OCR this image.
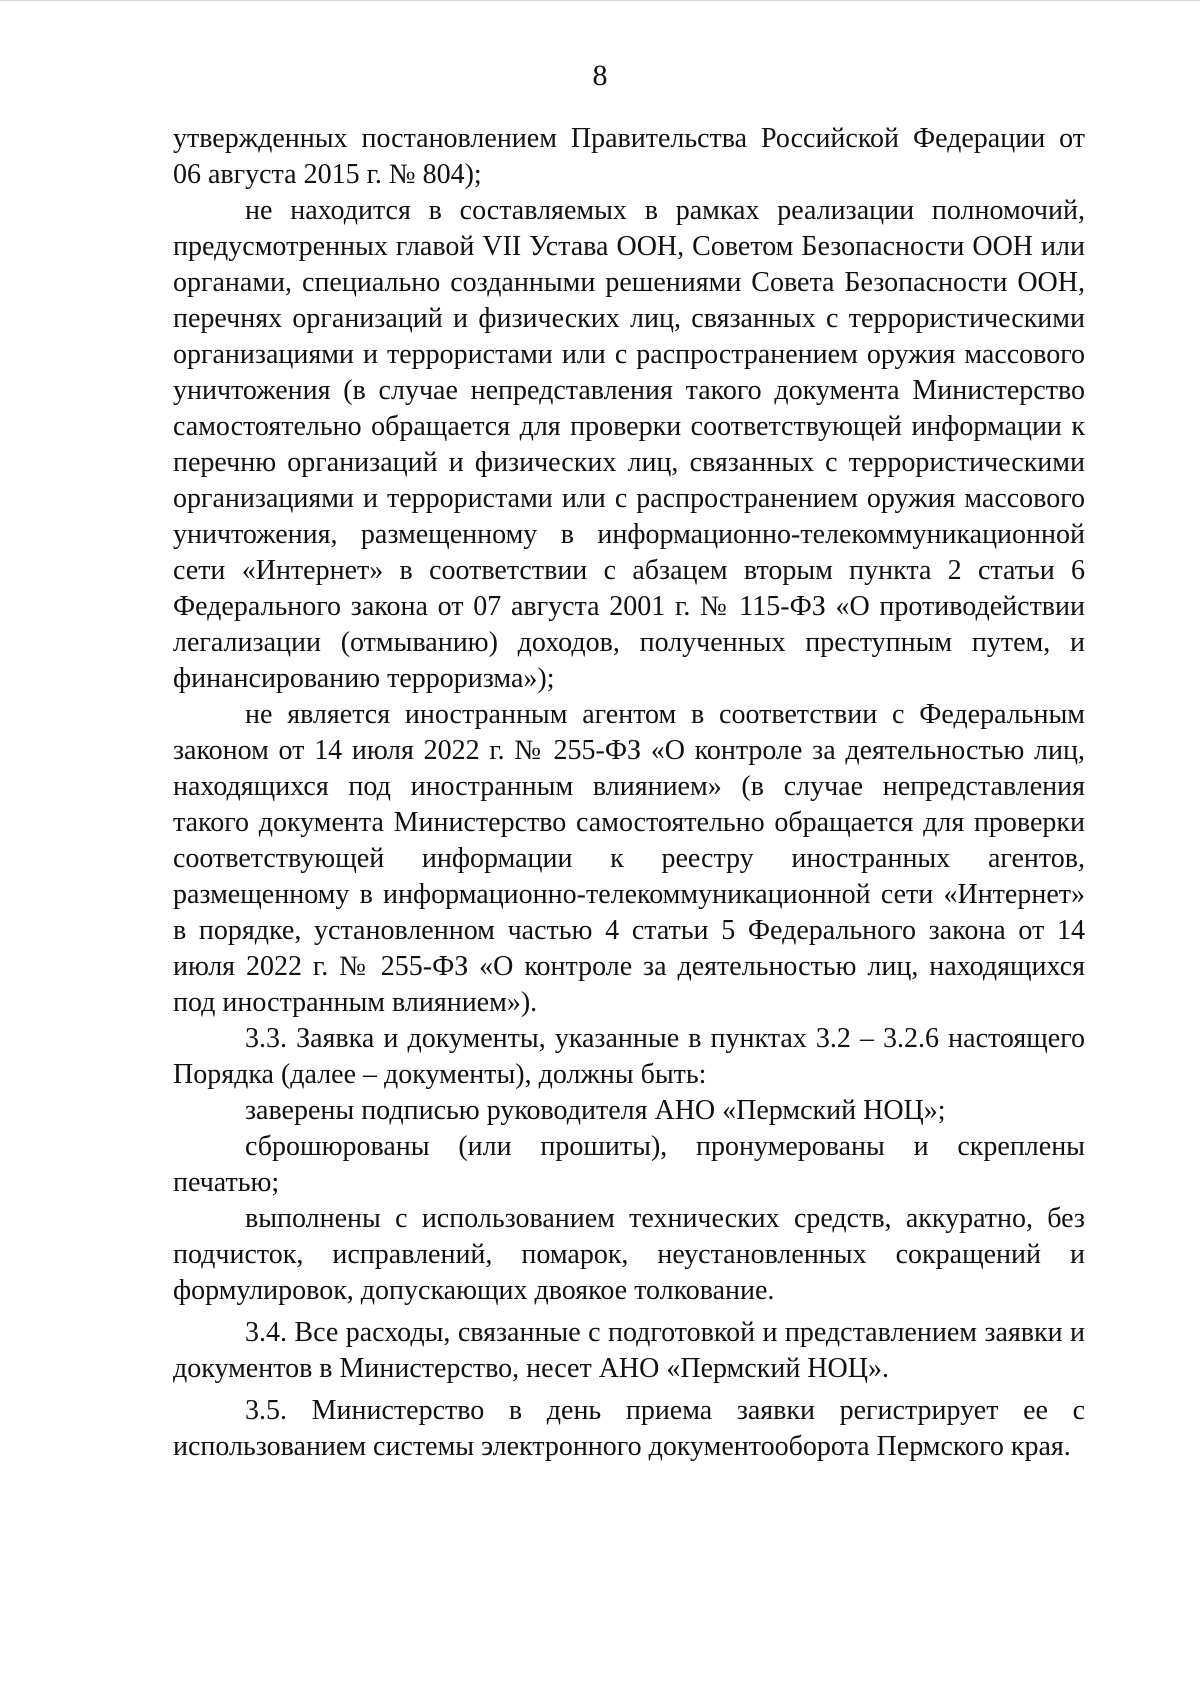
8

утвержденных постановлением Правительства Российской Федерации от 06 августа 2015 г. № 804);

не находится в составляемых в рамках реализации полномочий, предусмотренных главой VII Устава ООН, Советом Безопасности ООН или органами, специально созданными решениями Совета Безопасности ООН, перечнях организаций и физических лиц, связанных с террористическими организациями и террористами или с распространением оружия массового уничтожения (в случае непредставления такого документа Министерство самостоятельно обращается для проверки соответствующей информации к перечню организаций и физических лиц, связанных с террористическими организациями и террористами или с распространением оружия массового уничтожения, размещенному в информационно-телекоммуникационной сети «Интернет» в соответствии с абзацем вторым пункта 2 статьи 6 Федерального закона от 07 августа 2001 г. № 115-ФЗ «О противодействии легализации (отмыванию) доходов, полученных преступным путем, и финансированию терроризма»);

не является иностранным агентом в соответствии с Федеральным законом от 14 июля 2022 г. № 255-ФЗ «О контроле за деятельностью лиц, находящихся под иностранным влиянием» (в случае непредставления такого документа Министерство самостоятельно обращается для проверки соответствующей информации к реестру иностранных агентов, размещенному в информационно-телекоммуникационной сети «Интернет» в порядке, установленном частью 4 статьи 5 Федерального закона от 14 июля 2022 г. № 255-ФЗ «О контроле за деятельностью лиц, находящихся под иностранным влиянием»).

3.3. Заявка и документы, указанные в пунктах 3.2 – 3.2.6 настоящего Порядка (далее – документы), должны быть:

заверены подписью руководителя АНО «Пермский НОЦ»;

сброшюрованы (или прошиты), пронумерованы и скреплены печатью;

выполнены с использованием технических средств, аккуратно, без подчисток, исправлений, помарок, неустановленных сокращений и формулировок, допускающих двоякое толкование.

3.4. Все расходы, связанные с подготовкой и представлением заявки и документов в Министерство, несет АНО «Пермский НОЦ».

3.5. Министерство в день приема заявки регистрирует ее с использованием системы электронного документооборота Пермского края.
